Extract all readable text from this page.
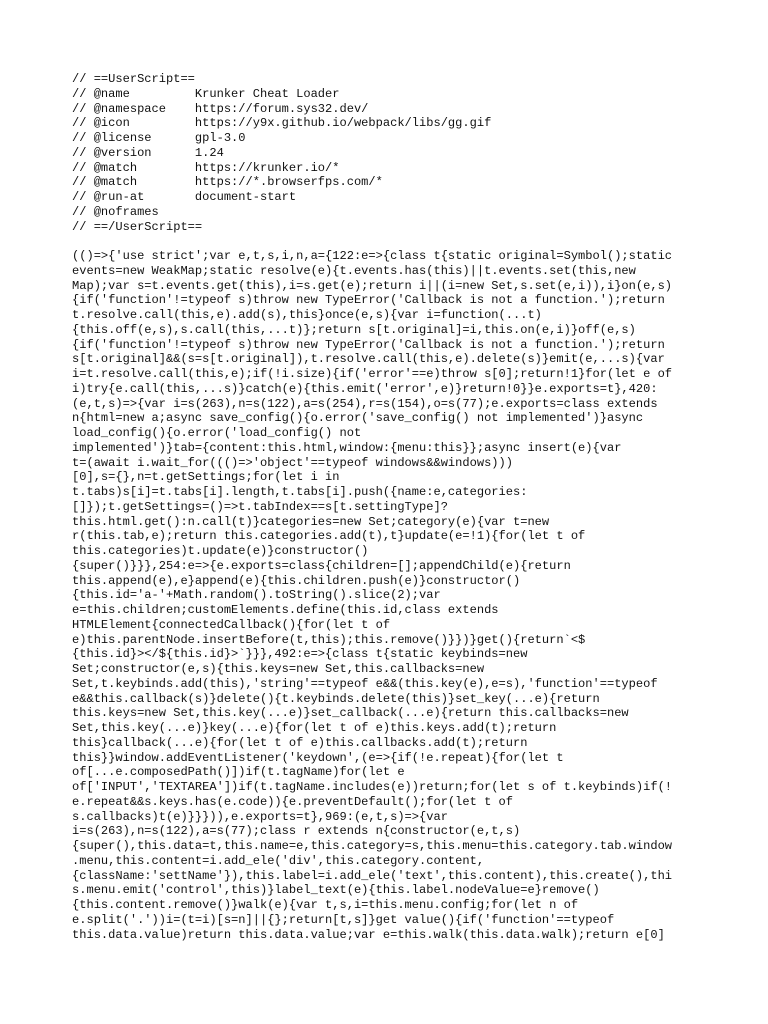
// ==UserScript==
// @name         Krunker Cheat Loader
// @namespace    https://forum.sys32.dev/
// @icon         https://y9x.github.io/webpack/libs/gg.gif
// @license      gpl-3.0
// @version      1.24
// @match        https://krunker.io/*
// @match        https://*.browserfps.com/*
// @run-at       document-start
// @noframes
// ==/UserScript==
(()=>{'use strict';var e,t,s,i,n,a={122:e=>{class t{static original=Symbol();static
events=new WeakMap;static resolve(e){t.events.has(this)||t.events.set(this,new
Map);var s=t.events.get(this),i=s.get(e);return i||(i=new Set,s.set(e,i)),i}on(e,s)
{if('function'!=typeof s)throw new TypeError('Callback is not a function.');return
t.resolve.call(this,e).add(s),this}once(e,s){var i=function(...t)
{this.off(e,s),s.call(this,...t)};return s[t.original]=i,this.on(e,i)}off(e,s)
{if('function'!=typeof s)throw new TypeError('Callback is not a function.');return
s[t.original]&&(s=s[t.original]),t.resolve.call(this,e).delete(s)}emit(e,...s){var
i=t.resolve.call(this,e);if(!i.size){if('error'==e)throw s[0];return!1}for(let e of
i)try{e.call(this,...s)}catch(e){this.emit('error',e)}return!0}}e.exports=t},420:
(e,t,s)=>{var i=s(263),n=s(122),a=s(254),r=s(154),o=s(77);e.exports=class extends
n{html=new a;async save_config(){o.error('save_config() not implemented')}async
load_config(){o.error('load_config() not
implemented')}tab={content:this.html,window:{menu:this}};async insert(e){var
t=(await i.wait_for((()=>'object'==typeof windows&&windows)))
[0],s={},n=t.getSettings;for(let i in
t.tabs)s[i]=t.tabs[i].length,t.tabs[i].push({name:e,categories:
[]});t.getSettings=()=>t.tabIndex==s[t.settingType]?
this.html.get():n.call(t)}categories=new Set;category(e){var t=new
r(this.tab,e);return this.categories.add(t),t}update(e=!1){for(let t of
this.categories)t.update(e)}constructor()
{super()}}},254:e=>{e.exports=class{children=[];appendChild(e){return
this.append(e),e}append(e){this.children.push(e)}constructor()
{this.id='a-'+Math.random().toString().slice(2);var
e=this.children;customElements.define(this.id,class extends
HTMLElement{connectedCallback(){for(let t of
e)this.parentNode.insertBefore(t,this);this.remove()}})}get(){return`<$
{this.id}></${this.id}>`}}},492:e=>{class t{static keybinds=new
Set;constructor(e,s){this.keys=new Set,this.callbacks=new
Set,t.keybinds.add(this),'string'==typeof e&&(this.key(e),e=s),'function'==typeof
e&&this.callback(s)}delete(){t.keybinds.delete(this)}set_key(...e){return
this.keys=new Set,this.key(...e)}set_callback(...e){return this.callbacks=new
Set,this.key(...e)}key(...e){for(let t of e)this.keys.add(t);return
this}callback(...e){for(let t of e)this.callbacks.add(t);return
this}}window.addEventListener('keydown',(e=>{if(!e.repeat){for(let t
of[...e.composedPath()])if(t.tagName)for(let e
of['INPUT','TEXTAREA'])if(t.tagName.includes(e))return;for(let s of t.keybinds)if(!
e.repeat&&s.keys.has(e.code)){e.preventDefault();for(let t of
s.callbacks)t(e)}}})),e.exports=t},969:(e,t,s)=>{var
i=s(263),n=s(122),a=s(77);class r extends n{constructor(e,t,s)
{super(),this.data=t,this.name=e,this.category=s,this.menu=this.category.tab.window
.menu,this.content=i.add_ele('div',this.category.content,
{className:'settName'}),this.label=i.add_ele('text',this.content),this.create(),thi
s.menu.emit('control',this)}label_text(e){this.label.nodeValue=e}remove()
{this.content.remove()}walk(e){var t,s,i=this.menu.config;for(let n of
e.split('.'))i=(t=i)[s=n]||{};return[t,s]}get value(){if('function'==typeof
this.data.value)return this.data.value;var e=this.walk(this.data.walk);return e[0]
